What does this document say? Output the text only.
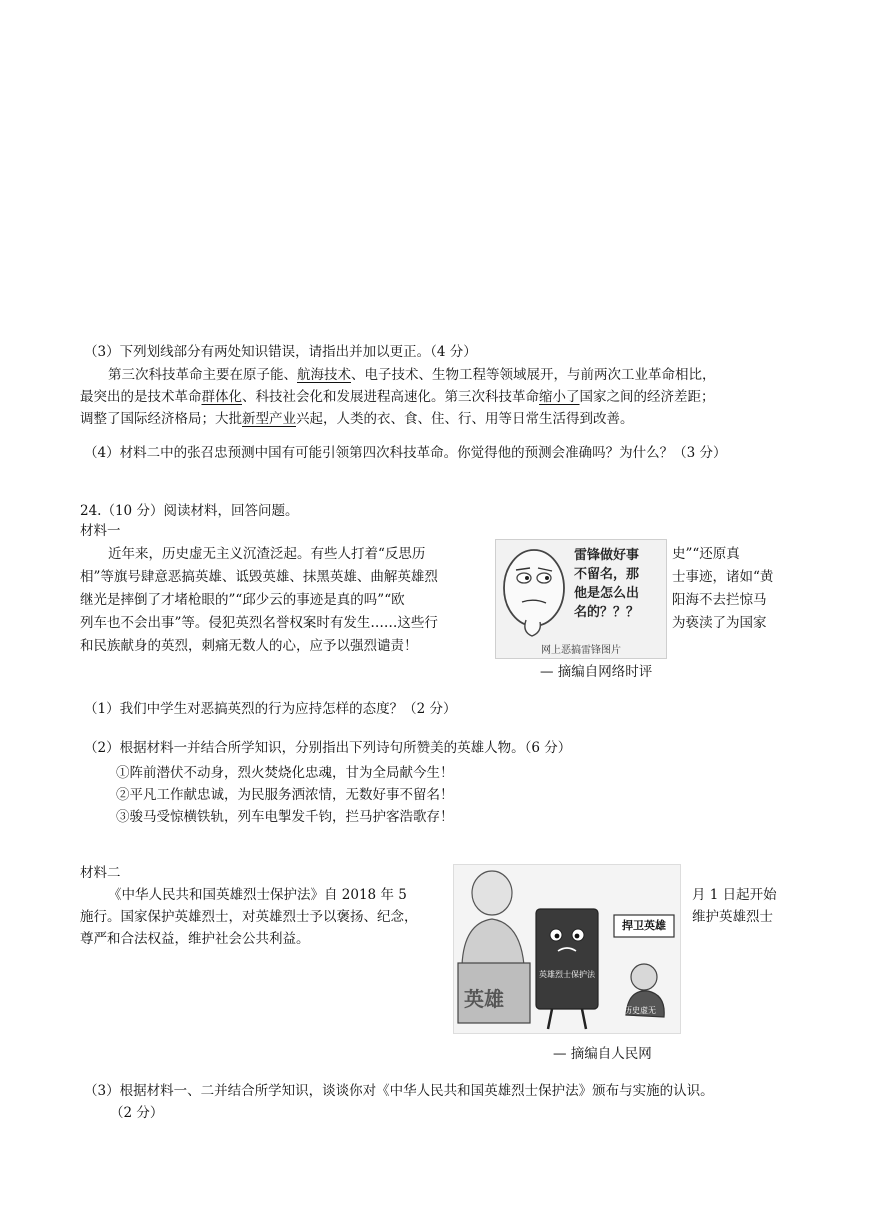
（3）下列划线部分有两处知识错误，请指出并加以更正。（4 分）
第三次科技革命主要在原子能、航海技术、电子技术、生物工程等领域展开，与前两次工业革命相比，
最突出的是技术革命群体化、科技社会化和发展进程高速化。第三次科技革命缩小了国家之间的经济差距；
调整了国际经济格局；大批新型产业兴起，人类的衣、食、住、行、用等日常生活得到改善。
（4）材料二中的张召忠预测中国有可能引领第四次科技革命。你觉得他的预测会准确吗？为什么？（3 分）
24.（10 分）阅读材料，回答问题。
材料一
近年来，历史虚无主义沉渣泛起。有些人打着“反思历	史”“还原真
相”等旗号肆意恶搞英雄、诋毁英雄、抹黑英雄、曲解英雄烈	士事迹，诸如“黄
继光是摔倒了才堵枪眼的”“邱少云的事迹是真的吗”“欧	阳海不去拦惊马
列车也不会出事”等。侵犯英烈名誉权案时有发生……这些行	为亵渎了为国家
和民族献身的英烈，刺痛无数人的心，应予以强烈谴责！
雷锋做好事
不留名，那
他是怎么出
名的？？？
网上恶搞雷锋图片
— 摘编自网络时评
（1）我们中学生对恶搞英烈的行为应持怎样的态度？（2 分）
（2）根据材料一并结合所学知识，分别指出下列诗句所赞美的英雄人物。（6 分）
①阵前潜伏不动身，烈火焚烧化忠魂，甘为全局献今生！
②平凡工作献忠诚，为民服务洒浓情，无数好事不留名！
③骏马受惊横铁轨，列车电掣发千钧，拦马护客浩歌存！
材料二
《中华人民共和国英雄烈士保护法》自 2018 年 5	月 1 日起开始
施行。国家保护英雄烈士，对英雄烈士予以褒扬、纪念，	维护英雄烈士
尊严和合法权益，维护社会公共利益。
捍卫英雄
英雄烈士保护法
英雄	历史虚无
— 摘编自人民网
（3）根据材料一、二并结合所学知识，谈谈你对《中华人民共和国英雄烈士保护法》颁布与实施的认识。
（2 分）
